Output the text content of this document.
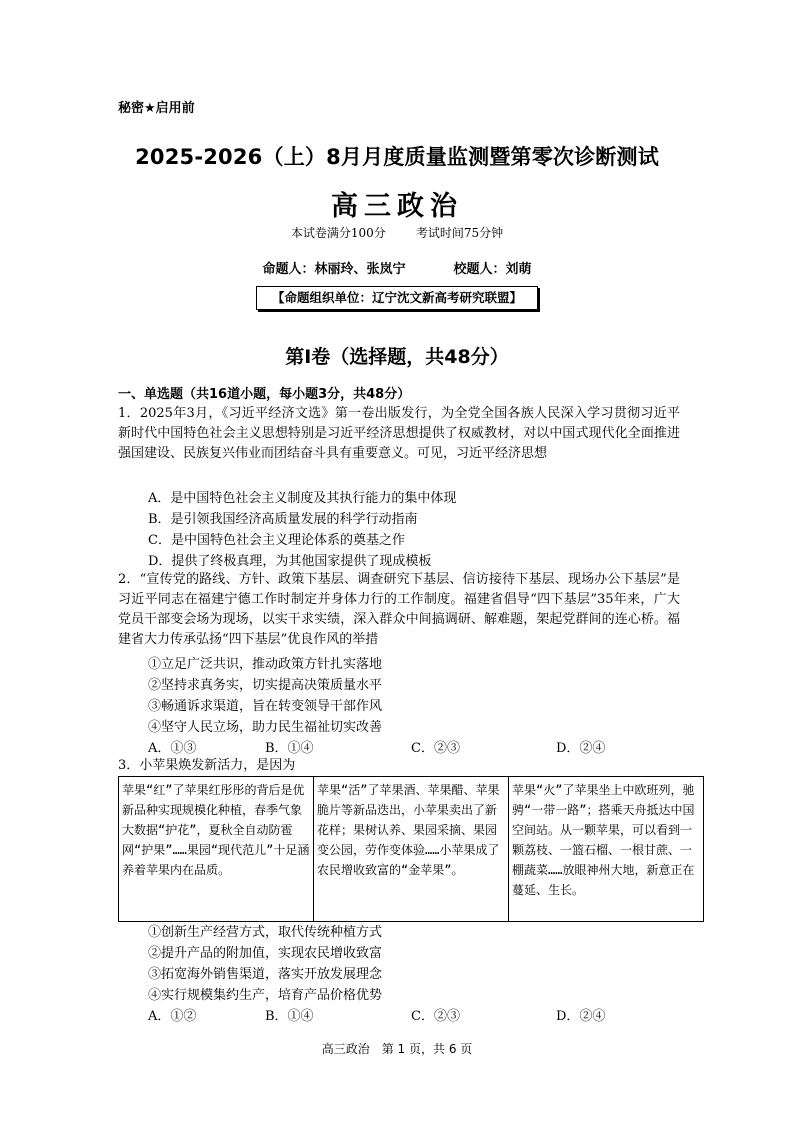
秘密★启用前
2025-2026（上）8月月度质量监测暨第零次诊断测试
高三政治
本试卷满分100分	考试时间75分钟
命题人：林丽玲、张岚宁	校题人：刘萌
【命题组织单位：辽宁沈文新高考研究联盟】
第Ⅰ卷（选择题，共48分）
一、单选题（共16道小题，每小题3分，共48分）
1．2025年3月，《习近平经济文选》第一卷出版发行，为全党全国各族人民深入学习贯彻习近平新时代中国特色社会主义思想特别是习近平经济思想提供了权威教材，对以中国式现代化全面推进强国建设、民族复兴伟业而团结奋斗具有重要意义。可见，习近平经济思想
A．是中国特色社会主义制度及其执行能力的集中体现
B．是引领我国经济高质量发展的科学行动指南
C．是中国特色社会主义理论体系的奠基之作
D．提供了终极真理，为其他国家提供了现成模板
2．“宣传党的路线、方针、政策下基层、调查研究下基层、信访接待下基层、现场办公下基层”是习近平同志在福建宁德工作时制定并身体力行的工作制度。福建省倡导“四下基层”35年来，广大党员干部变会场为现场，以实干求实绩，深入群众中间搞调研、解难题，架起党群间的连心桥。福建省大力传承弘扬“四下基层”优良作风的举措
①立足广泛共识，推动政策方针扎实落地
②坚持求真务实，切实提高决策质量水平
③畅通诉求渠道，旨在转变领导干部作风
④坚守人民立场，助力民生福祉切实改善
A．①③	B．①④	C．②③	D．②④
3．小苹果焕发新活力，是因为
苹果“红”了苹果红彤彤的背后是优新品种实现规模化种植，春季气象大数据“护花”，夏秋全自动防雹网“护果”……果园“现代范儿”十足涵养着苹果内在品质。
苹果“活”了苹果酒、苹果醋、苹果脆片等新品迭出，小苹果卖出了新花样；果树认养、果园采摘、果园变公园，劳作变体验……小苹果成了农民增收致富的“金苹果”。
苹果“火”了苹果坐上中欧班列，驰骋“一带一路”；搭乘天舟抵达中国空间站。从一颗苹果，可以看到一颗荔枝、一篮石榴、一根甘蔗、一棚蔬菜……放眼神州大地，新意正在蔓延、生长。
①创新生产经营方式，取代传统种植方式
②提升产品的附加值，实现农民增收致富
③拓宽海外销售渠道，落实开放发展理念
④实行规模集约生产，培育产品价格优势
A．①②	B．①④	C．②③	D．②④
高三政治　第 1 页，共 6 页
